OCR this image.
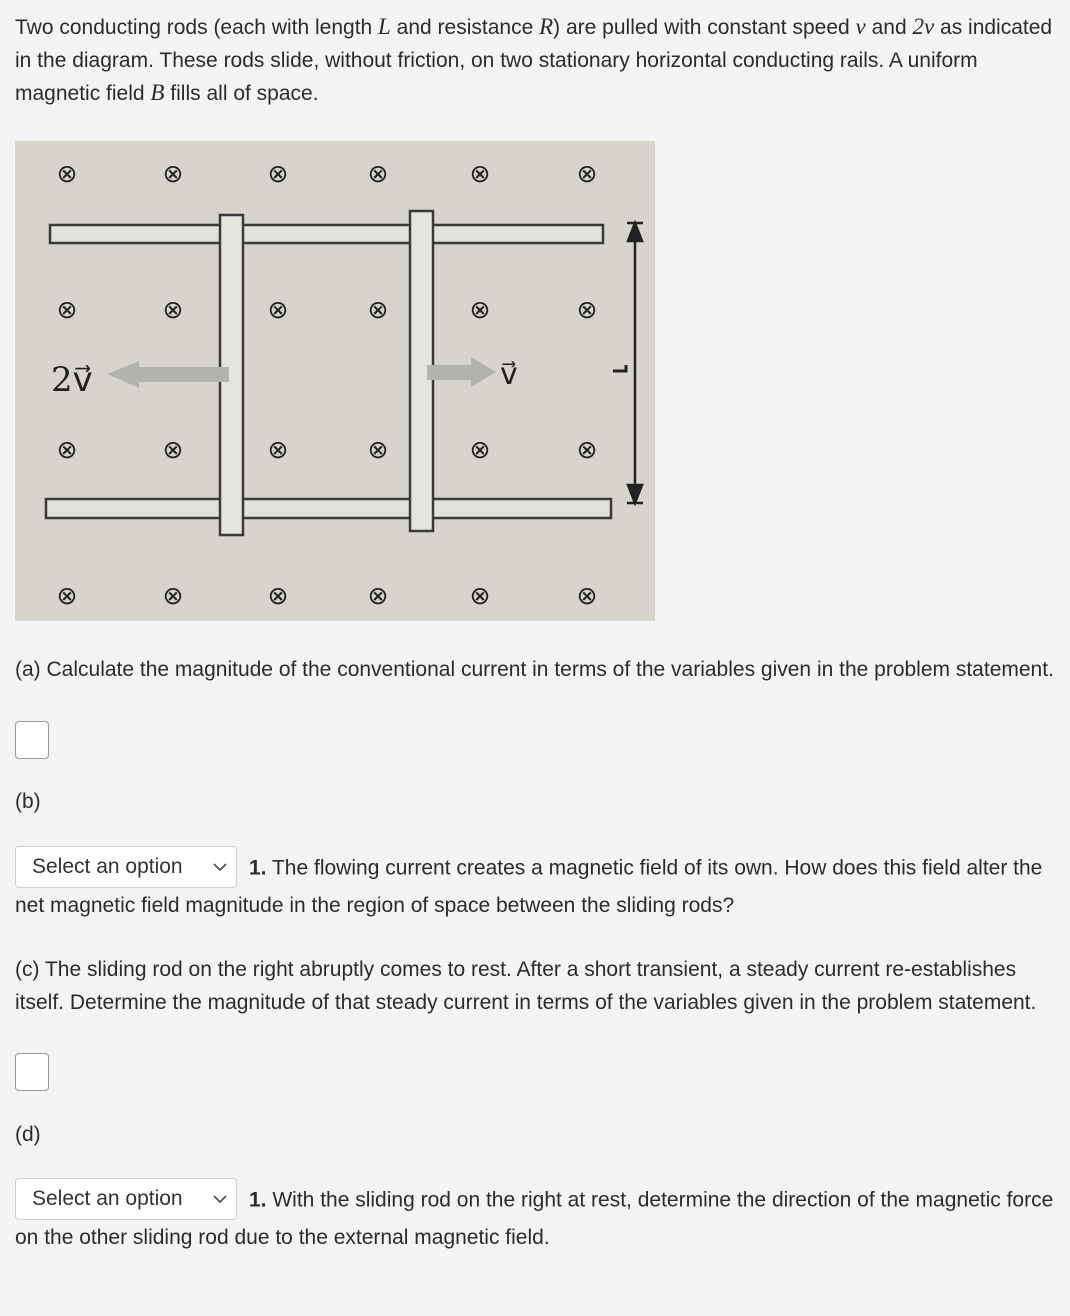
Two conducting rods (each with length L and resistance R) are pulled with constant speed v and 2v as indicated in the diagram. These rods slide, without friction, on two stationary horizontal conducting rails. A uniform magnetic field B fills all of space.

⊗	⊗	⊗	⊗	⊗	⊗
⊗	⊗	⊗	⊗	⊗	⊗
⊗	⊗	⊗	⊗	⊗	⊗
⊗	⊗	⊗	⊗	⊗	⊗
2v⃗	v⃗

(a) Calculate the magnitude of the conventional current in terms of the variables given in the problem statement.

(b)

Select an option	1. The flowing current creates a magnetic field of its own. How does this field alter the net magnetic field magnitude in the region of space between the sliding rods?

(c) The sliding rod on the right abruptly comes to rest. After a short transient, a steady current re-establishes itself. Determine the magnitude of that steady current in terms of the variables given in the problem statement.

(d)

Select an option	1. With the sliding rod on the right at rest, determine the direction of the magnetic force on the other sliding rod due to the external magnetic field.
